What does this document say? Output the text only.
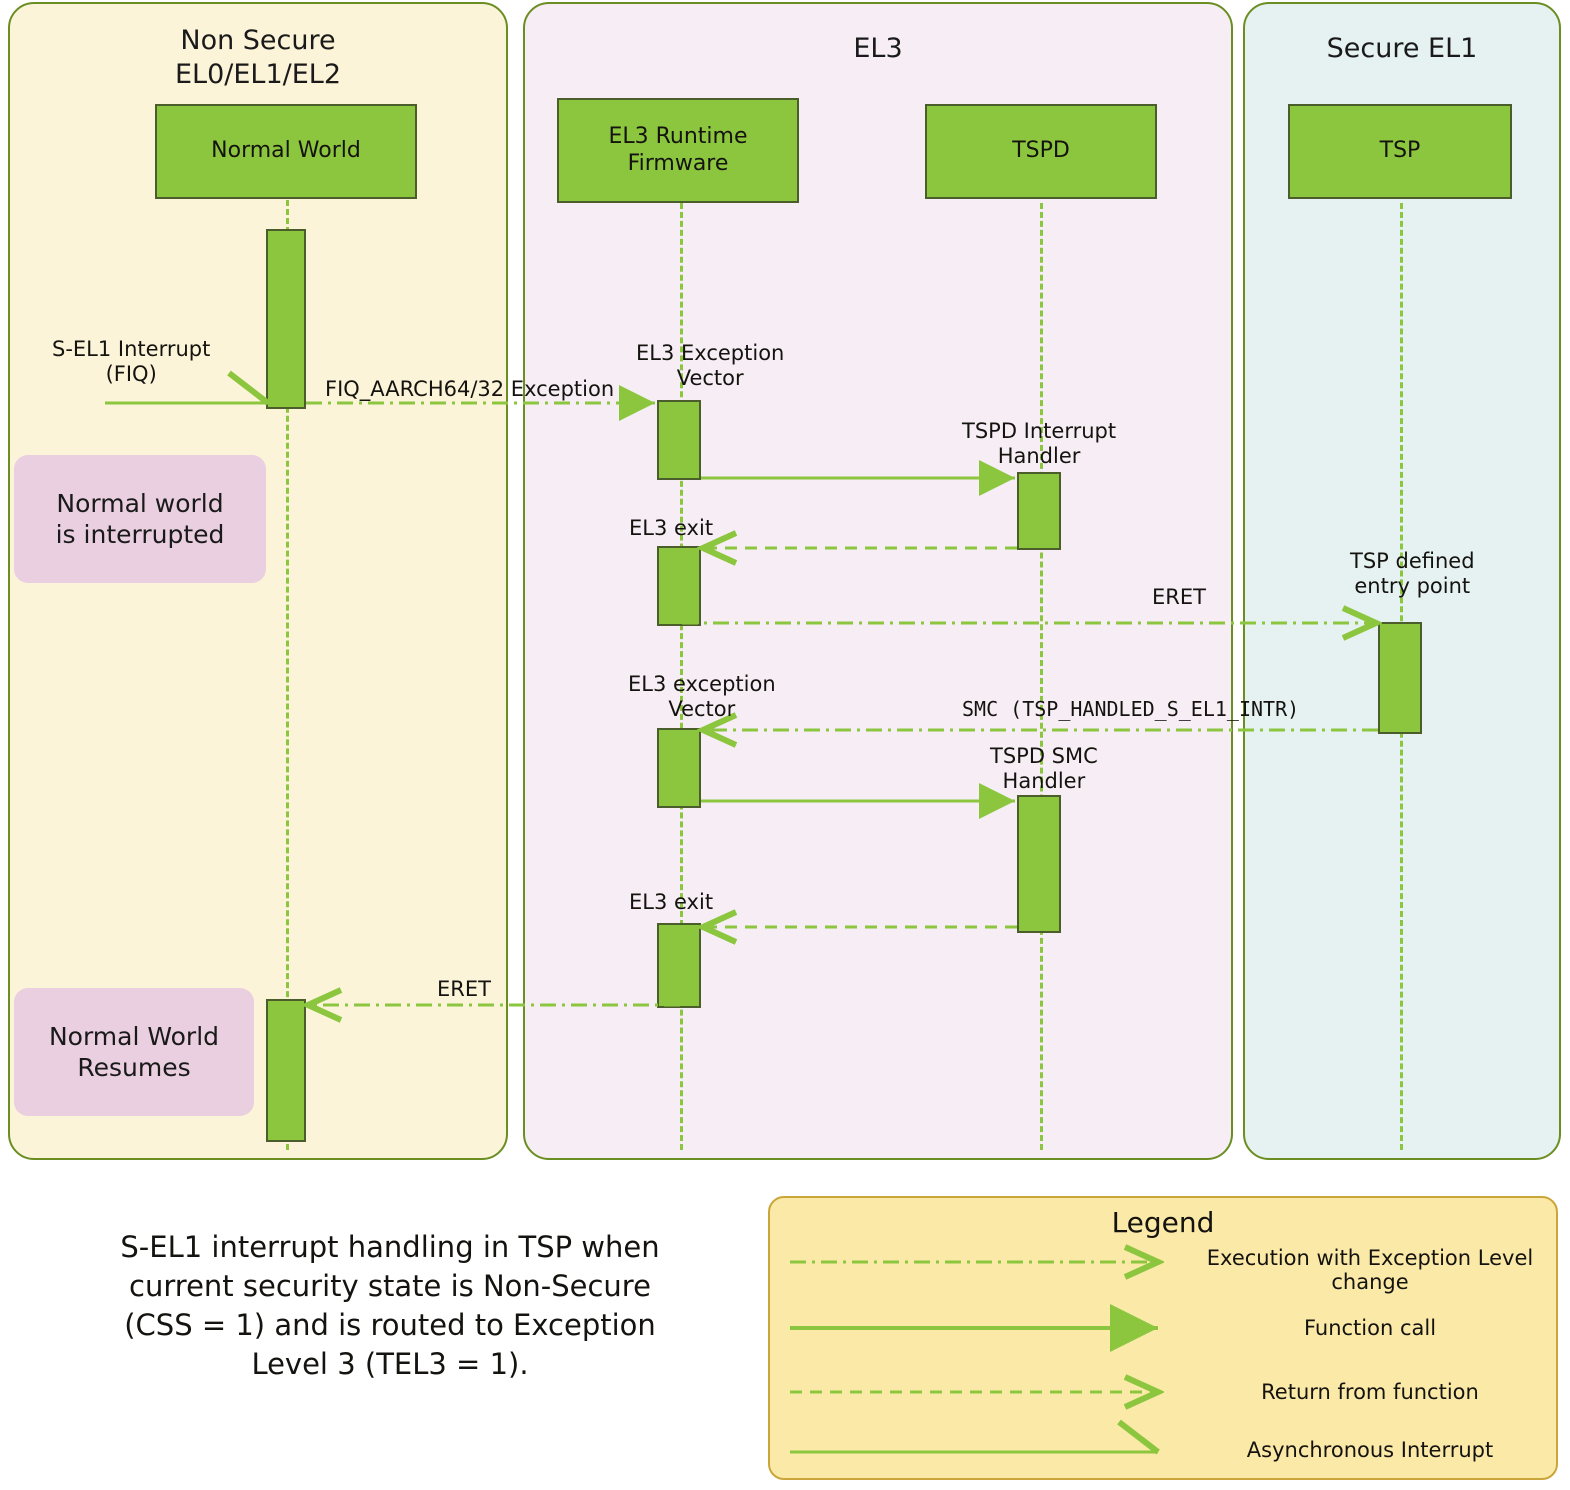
Non Secure
EL0/EL1/EL2
EL3	Secure EL1
Normal World
EL3 Runtime
Firmware	TSPD	TSP
S-EL1 Interrupt
(FIQ)
FIQ_AARCH64/32 Exception
EL3 Exception
Vector
TSPD Interrupt
Handler
EL3 exit
ERET
TSP defined
entry point
EL3 exception
Vector	SMC (TSP_HANDLED_S_EL1_INTR)
TSPD SMC
Handler
EL3 exit
ERET
Normal world
is interrupted
Normal World
Resumes
S-EL1 interrupt handling in TSP when
current security state is Non-Secure
(CSS = 1) and is routed to Exception
Level 3 (TEL3 = 1).
Legend
Execution with Exception Level
change
Function call
Return from function
Asynchronous Interrupt
